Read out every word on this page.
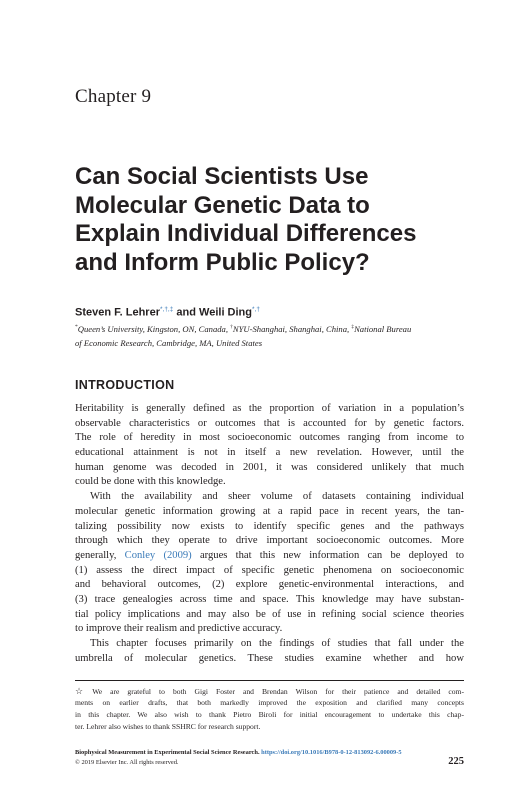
Chapter 9
Can Social Scientists Use
Molecular Genetic Data to
Explain Individual Differences
and Inform Public Policy?
Steven F. Lehrer*,†,‡ and Weili Ding*,†
*Queen’s University, Kingston, ON, Canada, †NYU-Shanghai, Shanghai, China, ‡National Bureau
of Economic Research, Cambridge, MA, United States
INTRODUCTION
Heritability is generally defined as the proportion of variation in a population’s
observable characteristics or outcomes that is accounted for by genetic factors.
The role of heredity in most socioeconomic outcomes ranging from income to
educational attainment is not in itself a new revelation. However, until the
human genome was decoded in 2001, it was considered unlikely that much
could be done with this knowledge.
With the availability and sheer volume of datasets containing individual
molecular genetic information growing at a rapid pace in recent years, the tan-
talizing possibility now exists to identify specific genes and the pathways
through which they operate to drive important socioeconomic outcomes. More
generally, Conley (2009) argues that this new information can be deployed to
(1) assess the direct impact of specific genetic phenomena on socioeconomic
and behavioral outcomes, (2) explore genetic-environmental interactions, and
(3) trace genealogies across time and space. This knowledge may have substan-
tial policy implications and may also be of use in refining social science theories
to improve their realism and predictive accuracy.
This chapter focuses primarily on the findings of studies that fall under the
umbrella of molecular genetics. These studies examine whether and how
☆ We are grateful to both Gigi Foster and Brendan Wilson for their patience and detailed com-
ments on earlier drafts, that both markedly improved the exposition and clarified many concepts
in this chapter. We also wish to thank Pietro Biroli for initial encouragement to undertake this chap-
ter. Lehrer also wishes to thank SSHRC for research support.
Biophysical Measurement in Experimental Social Science Research. https://doi.org/10.1016/B978-0-12-813092-6.00009-5
© 2019 Elsevier Inc. All rights reserved.	225
